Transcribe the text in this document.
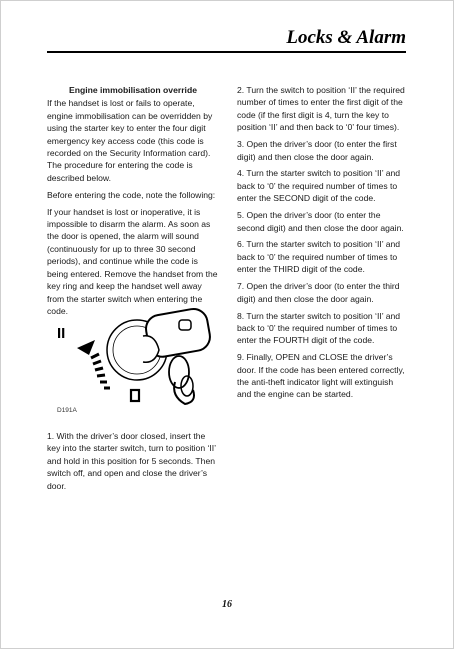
Locks & Alarm

Engine immobilisation override

If the handset is lost or fails to operate, engine immobilisation can be overridden by using the starter key to enter the four digit emergency key access code (this code is recorded on the Security Information card). The procedure for entering the code is described below.

Before entering the code, note the following:

If your handset is lost or inoperative, it is impossible to disarm the alarm. As soon as the door is opened, the alarm will sound (continuously for up to three 30 second periods), and continue while the code is being entered. Remove the handset from the key ring and keep the handset well away from the starter switch when entering the code.

II
D191A

1. With the driver’s door closed, insert the key into the starter switch, turn to position ‘II’ and hold in this position for 5 seconds. Then switch off, and open and close the driver’s door.

2. Turn the switch to position ‘II’ the required number of times to enter the first digit of the code (if the first digit is 4, turn the key to position ‘II’ and then back to ‘0’ four times).

3. Open the driver’s door (to enter the first digit) and then close the door again.

4. Turn the starter switch to position ‘II’ and back to ‘0’ the required number of times to enter the SECOND digit of the code.

5. Open the driver’s door (to enter the second digit) and then close the door again.

6. Turn the starter switch to position ‘II’ and back to ‘0’ the required number of times to enter the THIRD digit of the code.

7. Open the driver’s door (to enter the third digit) and then close the door again.

8. Turn the starter switch to position ‘II’ and back to ‘0’ the required number of times to enter the FOURTH digit of the code.

9. Finally, OPEN and CLOSE the driver’s door. If the code has been entered correctly, the anti-theft indicator light will extinguish and the engine can be started.

16
